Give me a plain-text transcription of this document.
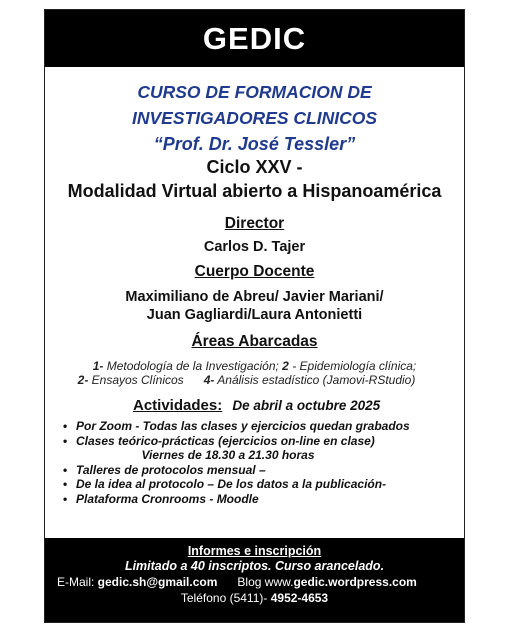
GEDIC
CURSO DE FORMACION DE
INVESTIGADORES CLINICOS
“Prof. Dr. José Tessler”
Ciclo XXV -
Modalidad Virtual abierto a Hispanoamérica
Director
Carlos D. Tajer
Cuerpo Docente
Maximiliano de Abreu/ Javier Mariani/
Juan Gagliardi/Laura Antonietti
Áreas Abarcadas
1- Metodología de la Investigación; 2 - Epidemiología clínica;
2- Ensayos Clínicos 4- Análisis estadístico (Jamovi-RStudio)
Actividades: De abril a octubre 2025
• Por Zoom - Todas las clases y ejercicios quedan grabados
• Clases teórico-prácticas (ejercicios on-line en clase)
Viernes de 18.30 a 21.30 horas
• Talleres de protocolos mensual –
• De la idea al protocolo – De los datos a la publicación-
• Plataforma Cronrooms - Moodle
Informes e inscripción
Limitado a 40 inscriptos. Curso arancelado.
E-Mail: gedic.sh@gmail.com Blog www.gedic.wordpress.com
Teléfono (5411)- 4952-4653
